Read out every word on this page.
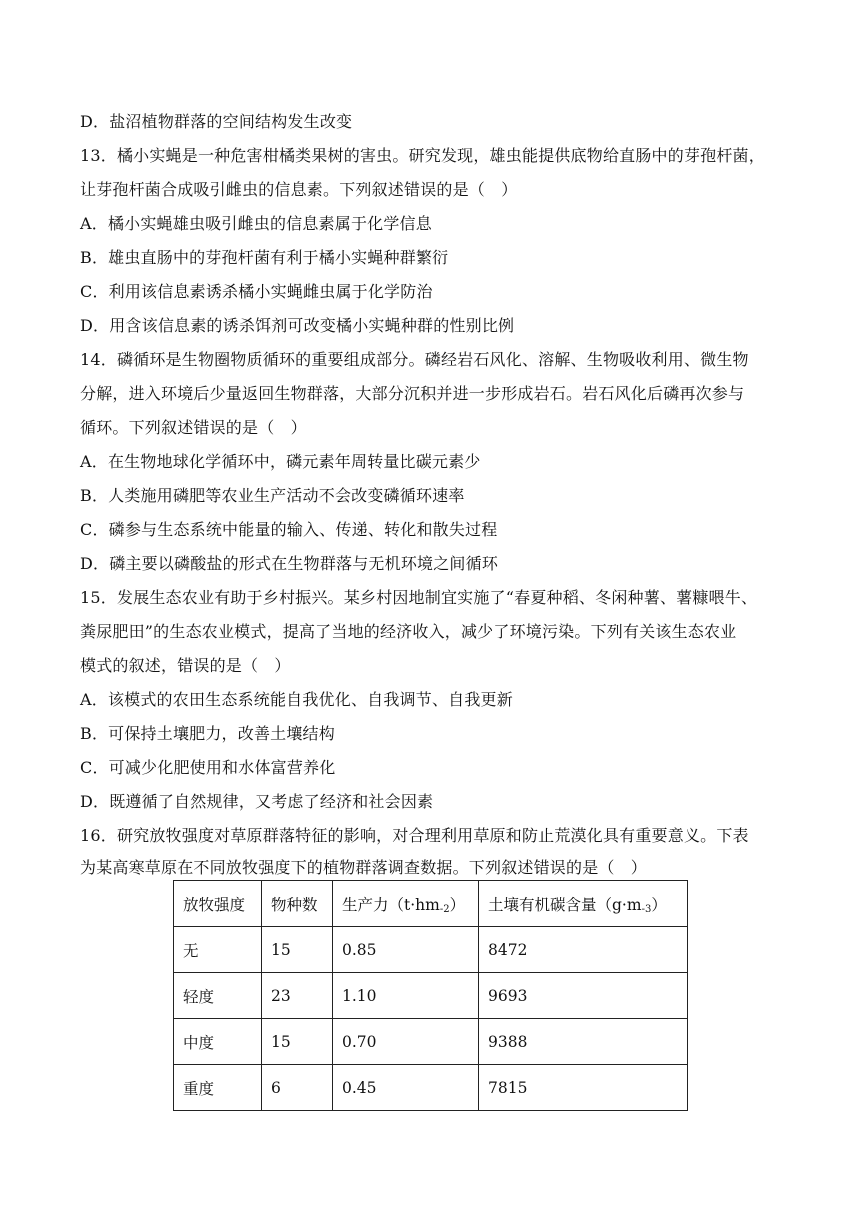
D．盐沼植物群落的空间结构发生改变
13．橘小实蝇是一种危害柑橘类果树的害虫。研究发现，雄虫能提供底物给直肠中的芽孢杆菌，
让芽孢杆菌合成吸引雌虫的信息素。下列叙述错误的是（　）
A．橘小实蝇雄虫吸引雌虫的信息素属于化学信息
B．雄虫直肠中的芽孢杆菌有利于橘小实蝇种群繁衍
C．利用该信息素诱杀橘小实蝇雌虫属于化学防治
D．用含该信息素的诱杀饵剂可改变橘小实蝇种群的性别比例
14．磷循环是生物圈物质循环的重要组成部分。磷经岩石风化、溶解、生物吸收利用、微生物
分解，进入环境后少量返回生物群落，大部分沉积并进一步形成岩石。岩石风化后磷再次参与
循环。下列叙述错误的是（　）
A．在生物地球化学循环中，磷元素年周转量比碳元素少
B．人类施用磷肥等农业生产活动不会改变磷循环速率
C．磷参与生态系统中能量的输入、传递、转化和散失过程
D．磷主要以磷酸盐的形式在生物群落与无机环境之间循环
15．发展生态农业有助于乡村振兴。某乡村因地制宜实施了“春夏种稻、冬闲种薯、薯糠喂牛、
粪尿肥田”的生态农业模式，提高了当地的经济收入，减少了环境污染。下列有关该生态农业
模式的叙述，错误的是（　）
A．该模式的农田生态系统能自我优化、自我调节、自我更新
B．可保持土壤肥力，改善土壤结构
C．可减少化肥使用和水体富营养化
D．既遵循了自然规律，又考虑了经济和社会因素
16．研究放牧强度对草原群落特征的影响，对合理利用草原和防止荒漠化具有重要意义。下表
为某高寒草原在不同放牧强度下的植物群落调查数据。下列叙述错误的是（　）
放牧强度	物种数	生产力$(t\cdot hm_{-2})$	土壤有机碳含量$(g\cdot m_{-3})$
无	15	0.85	8472
轻度	23	1.10	9693
中度	15	0.70	9388
重度	6	0.45	7815
